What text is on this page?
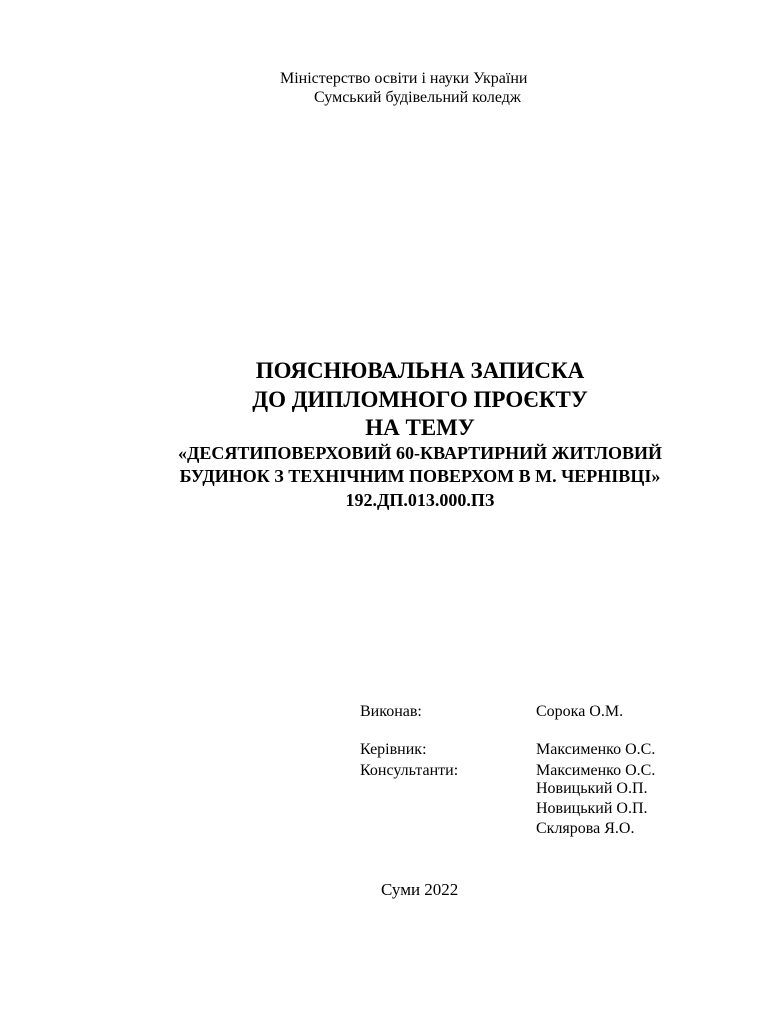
Міністерство освіти і науки України
Сумський будівельний коледж
ПОЯСНЮВАЛЬНА ЗАПИСКА
ДО ДИПЛОМНОГО ПРОЄКТУ
НА ТЕМУ
«ДЕСЯТИПОВЕРХОВИЙ 60-КВАРТИРНИЙ ЖИТЛОВИЙ
БУДИНОК З ТЕХНІЧНИМ ПОВЕРХОМ В М. ЧЕРНІВЦІ»
192.ДП.013.000.ПЗ
Виконав:	Сорока О.М.
Керівник:	Максименко О.С.
Консультанти:	Максименко О.С.
Новицький О.П.
Новицький О.П.
Склярова Я.О.
Суми 2022
